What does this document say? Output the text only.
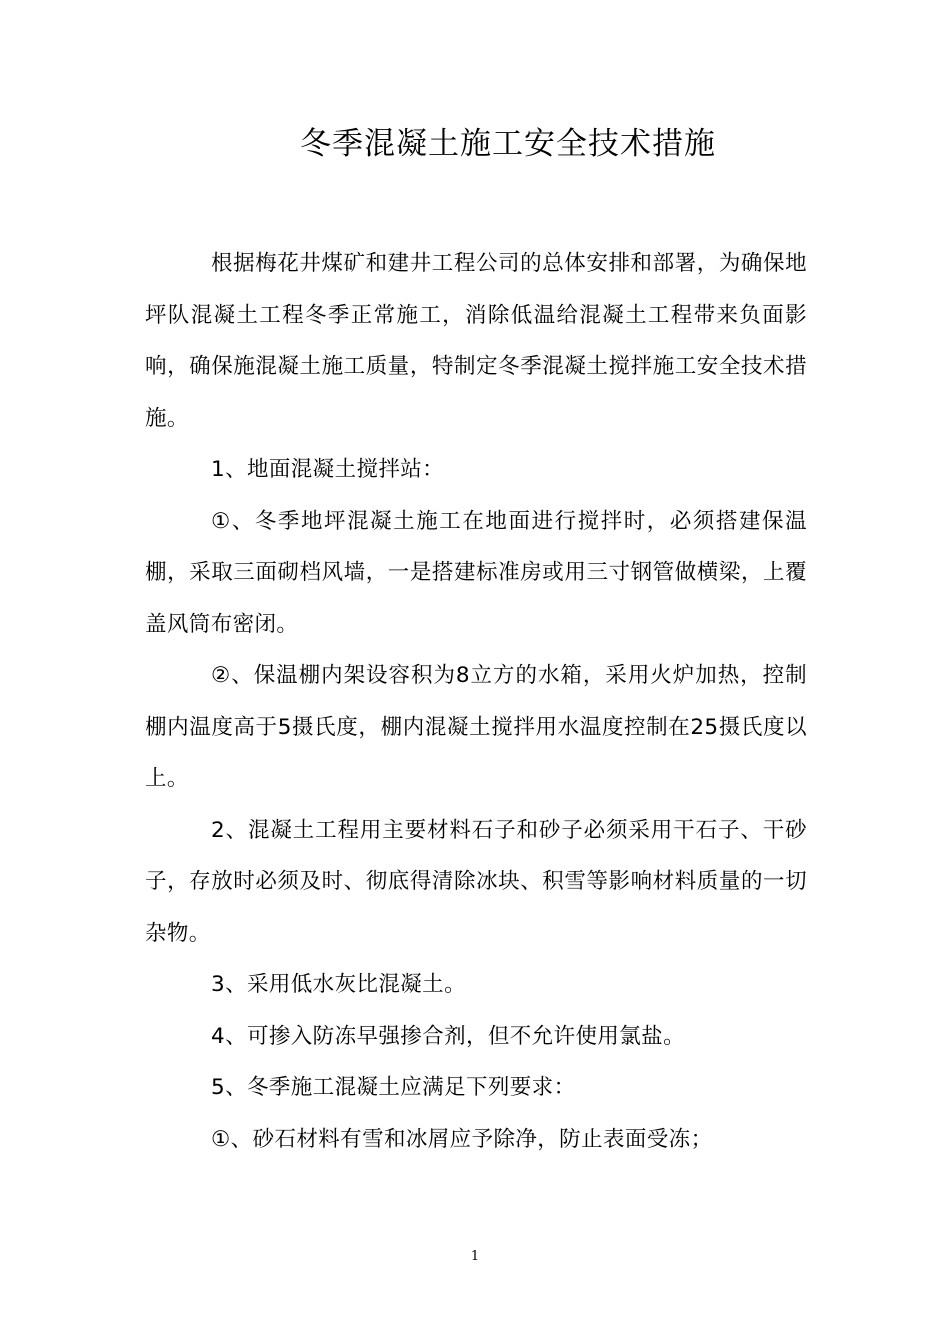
冬季混凝土施工安全技术措施

根据梅花井煤矿和建井工程公司的总体安排和部署，为确保地坪队混凝土工程冬季正常施工，消除低温给混凝土工程带来负面影响，确保施混凝土施工质量，特制定冬季混凝土搅拌施工安全技术措施。

1、地面混凝土搅拌站：

①、冬季地坪混凝土施工在地面进行搅拌时，必须搭建保温棚，采取三面砌档风墙，一是搭建标准房或用三寸钢管做横梁，上覆盖风筒布密闭。

②、保温棚内架设容积为8立方的水箱，采用火炉加热，控制棚内温度高于5摄氏度，棚内混凝土搅拌用水温度控制在25摄氏度以上。

2、混凝土工程用主要材料石子和砂子必须采用干石子、干砂子，存放时必须及时、彻底得清除冰块、积雪等影响材料质量的一切杂物。

3、采用低水灰比混凝土。

4、可掺入防冻早强掺合剂，但不允许使用氯盐。

5、冬季施工混凝土应满足下列要求：

①、砂石材料有雪和冰屑应予除净，防止表面受冻；

1
